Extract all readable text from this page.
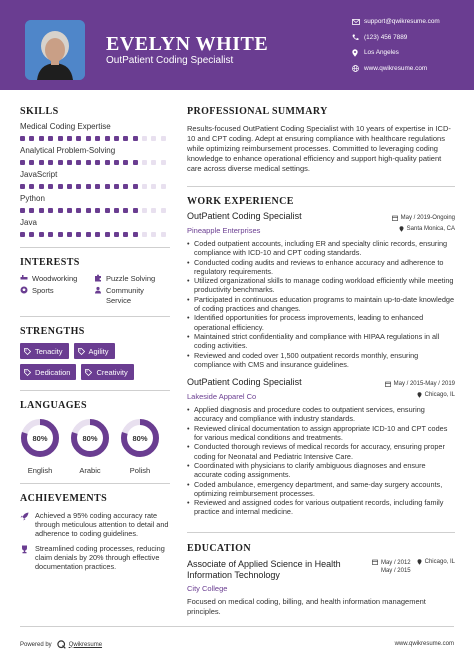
EVELYN WHITE
OutPatient Coding Specialist
support@qwikresume.com
(123) 456 7889
Los Angeles
www.qwikresume.com
SKILLS
Medical Coding Expertise
Analytical Problem-Solving
JavaScript
Python
Java
INTERESTS
Woodworking	Puzzle Solving
Sports	Community Service
STRENGTHS
Tenacity	Agility
Dedication	Creativity
LANGUAGES
80%
English
80%
Arabic
80%
Polish
ACHIEVEMENTS

Achieved a 95% coding accuracy rate through meticulous attention to detail and adherence to coding guidelines.

Streamlined coding processes, reducing claim denials by 20% through effective documentation practices.

PROFESSIONAL SUMMARY

Results-focused OutPatient Coding Specialist with 10 years of expertise in ICD-10 and CPT coding. Adept at ensuring compliance with healthcare regulations while optimizing reimbursement processes. Committed to leveraging coding knowledge to enhance operational efficiency and support high-quality patient care across diverse medical settings.

WORK EXPERIENCE
OutPatient Coding Specialist
Pineapple Enterprises
May / 2019-Ongoing
Santa Monica, CA
• Coded outpatient accounts, including ER and specialty clinic records, ensuring compliance with ICD-10 and CPT coding standards.
• Conducted coding audits and reviews to enhance accuracy and adherence to regulatory requirements.
• Utilized organizational skills to manage coding workload efficiently while meeting productivity benchmarks.
• Participated in continuous education programs to maintain up-to-date knowledge of coding practices and changes.
• Identified opportunities for process improvements, leading to enhanced operational efficiency.
• Maintained strict confidentiality and compliance with HIPAA regulations in all coding activities.
• Reviewed and coded over 1,500 outpatient records monthly, ensuring compliance with CMS and insurance guidelines.
OutPatient Coding Specialist
Lakeside Apparel Co
May / 2015-May / 2019
Chicago, IL
• Applied diagnosis and procedure codes to outpatient services, ensuring accuracy and compliance with industry standards.
• Reviewed clinical documentation to assign appropriate ICD-10 and CPT codes for various medical conditions and treatments.
• Conducted thorough reviews of medical records for accuracy, ensuring proper coding for Neonatal and Pediatric Intensive Care.
• Coordinated with physicians to clarify ambiguous diagnoses and ensure accurate coding assignments.
• Coded ambulance, emergency department, and same-day surgery accounts, optimizing reimbursement processes.
• Reviewed and assigned codes for various outpatient records, including family practice and internal medicine.
EDUCATION
Associate of Applied Science in Health Information Technology
City College
May / 2012
May / 2015
Chicago, IL

Focused on medical coding, billing, and health information management principles.

Powered by	Qwikresume	www.qwikresume.com
